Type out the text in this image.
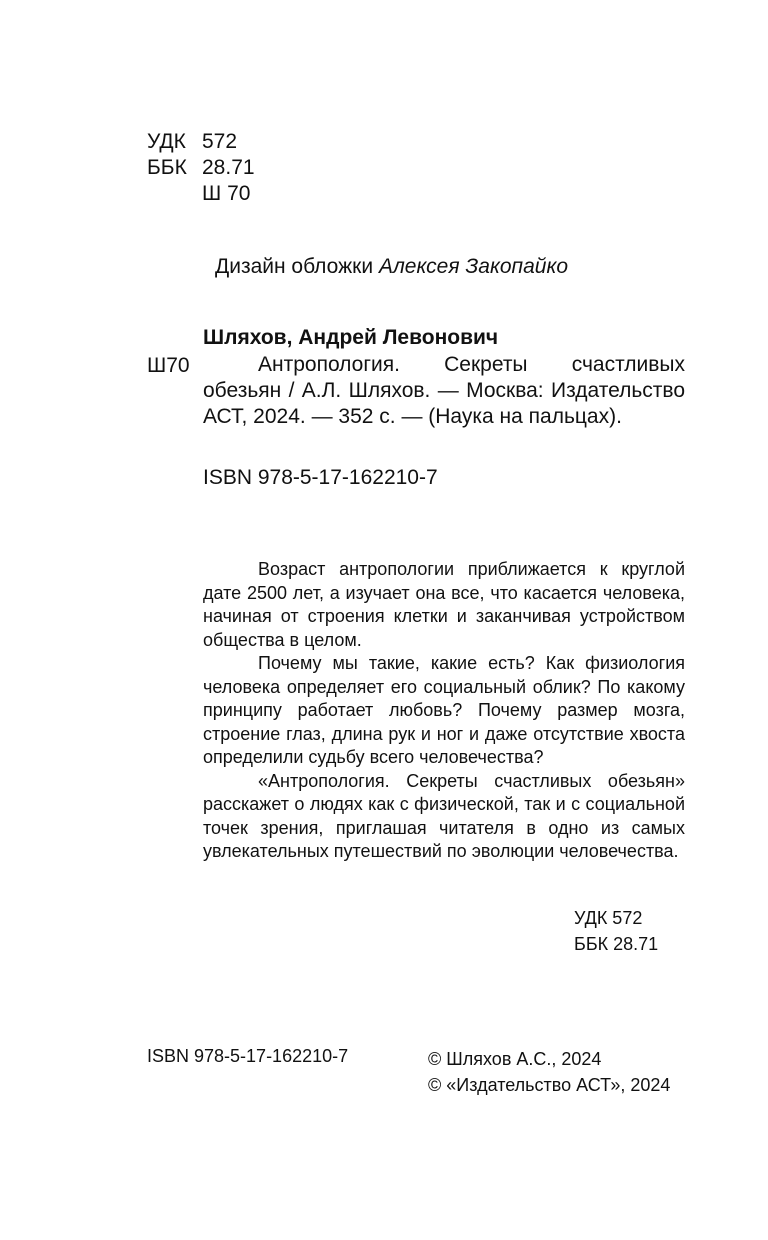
УДК 572
ББК 28.71
Ш 70
Дизайн обложки Алексея Закопайко
Шляхов, Андрей Левонович
Ш70	Антропология. Секреты счастливых обезьян / А.Л. Шляхов. — Москва: Издательство АСТ, 2024. — 352 с. — (Наука на пальцах).
ISBN 978-5-17-162210-7

Возраст антропологии приближается к круглой дате 2500 лет, а изучает она все, что касается человека, начиная от строения клетки и заканчивая устройством общества в целом.

Почему мы такие, какие есть? Как физиология человека определяет его социальный облик? По какому принципу работает любовь? Почему размер мозга, строение глаз, длина рук и ног и даже отсутствие хвоста определили судьбу всего человечества?

«Антропология. Секреты счастливых обезьян» расскажет о людях как с физической, так и с социальной точек зрения, приглашая читателя в одно из самых увлекательных путешествий по эволюции человечества.

УДК 572
ББК 28.71
ISBN 978-5-17-162210-7	© Шляхов А.С., 2024
© «Издательство АСТ», 2024
